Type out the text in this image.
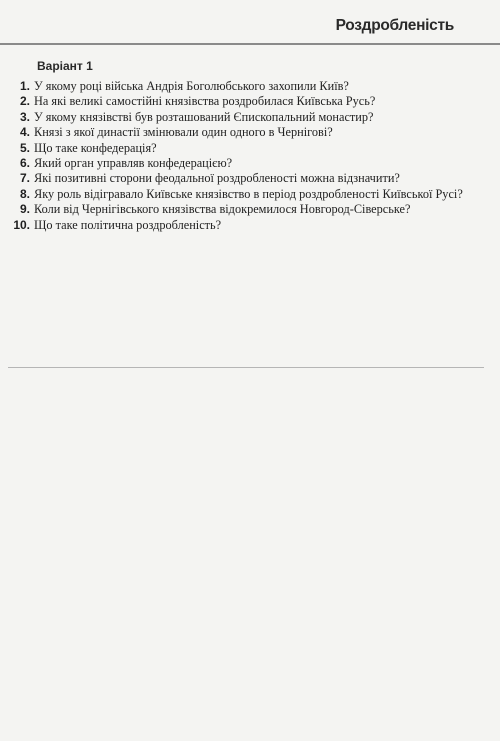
Роздробленість
Варіант 1
1. У якому році війська Андрія Боголюбського захопили Київ?
2. На які великі самостійні князівства роздробилася Київська Русь?
3. У якому князівстві був розташований Єпископальний монастир?
4. Князі з якої династії змінювали один одного в Чернігові?
5. Що таке конфедерація?
6. Який орган управляв конфедерацією?
7. Які позитивні сторони феодальної роздробленості можна відзначити?
8. Яку роль відігравало Київське князівство в період роздробленості Київської Русі?
9. Коли від Чернігівського князівства відокремилося Новгород-Сіверське?
10. Що таке політична роздробленість?
